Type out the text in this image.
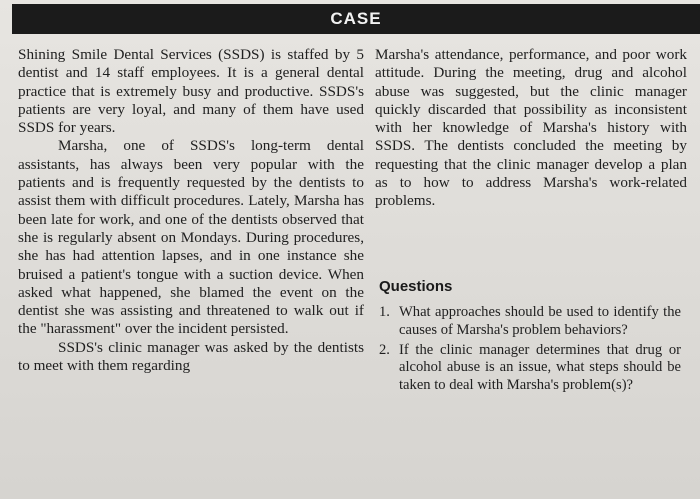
CASE

Shining Smile Dental Services (SSDS) is staffed by 5 dentist and 14 staff employees. It is a general dental practice that is extremely busy and productive. SSDS's patients are very loyal, and many of them have used SSDS for years.

Marsha, one of SSDS's long-term dental assistants, has always been very popular with the patients and is frequently requested by the dentists to assist them with difficult procedures. Lately, Marsha has been late for work, and one of the dentists observed that she is regularly absent on Mondays. During procedures, she has had attention lapses, and in one instance she bruised a patient's tongue with a suction device. When asked what happened, she blamed the event on the dentist she was assisting and threatened to walk out if the "harassment" over the incident persisted.

SSDS's clinic manager was asked by the dentists to meet with them regarding

Marsha's attendance, performance, and poor work attitude. During the meeting, drug and alcohol abuse was suggested, but the clinic manager quickly discarded that possibility as inconsistent with her knowledge of Marsha's history with SSDS. The dentists concluded the meeting by requesting that the clinic manager develop a plan as to how to address Marsha's work-related problems.

Questions
1. What approaches should be used to identify the causes of Marsha's problem behaviors?
2. If the clinic manager determines that drug or alcohol abuse is an issue, what steps should be taken to deal with Marsha's problem(s)?
